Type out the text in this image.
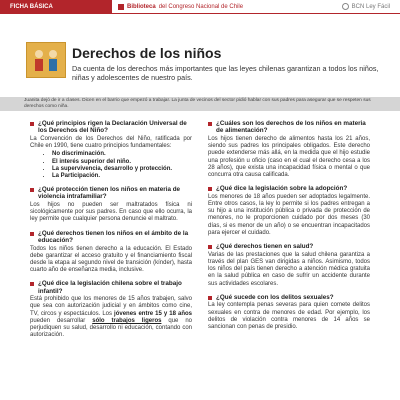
FICHA BÁSICA	Biblioteca del Congreso Nacional de Chile	BCN Ley Fácil
Derechos de los niños
Da cuenta de los derechos más importantes que las leyes chilenas garantizan a todos los niños, niñas y adolescentes de nuestro país.
Juanita dejó de ir a clases. Dicen en el barrio que empezó a trabajar. La junta de vecinos del sector pidió hablar con sus padres para asegurar que se respeten sus derechos como niña.
¿Qué principios rigen la Declaración Universal de los Derechos del Niño?
La Convención de los Derechos del Niño, ratificada por Chile en 1990, tiene cuatro principios fundamentales:
• No discriminación.
• El interés superior del niño.
• La supervivencia, desarrollo y protección.
• La Participación.
¿Qué protección tienen los niños en materia de violencia intrafamiliar?
Los hijos no pueden ser maltratados física ni sicológicamente por sus padres. En caso que ello ocurra, la ley permite que cualquier persona denuncie el maltrato.
¿Qué derechos tienen los niños en el ámbito de la educación?
Todos los niños tienen derecho a la educación. El Estado debe garantizar el acceso gratuito y el financiamiento fiscal desde la etapa al segundo nivel de transición (kínder), hasta cuarto año de enseñanza media, inclusive.
¿Qué dice la legislación chilena sobre el trabajo infantil?
Está prohibido que los menores de 15 años trabajen, salvo que sea con autorización judicial y en ámbitos como cine, TV, circos y espectáculos. Los jóvenes entre 15 y 18 años pueden desarrollar sólo trabajos ligeros que no perjudiquen su salud, desarrollo ni educación, contando con autorización.
¿Cuáles son los derechos de los niños en materia de alimentación?
Los hijos tienen derecho de alimentos hasta los 21 años, siendo sus padres los principales obligados. Este derecho puede extenderse más allá, en la medida que el hijo estudie una profesión u oficio (caso en el cual el derecho cesa a los 28 años), que exista una incapacidad física o mental o que concurra otra causa calificada.
¿Qué dice la legislación sobre la adopción?
Los menores de 18 años pueden ser adoptados legalmente. Entre otros casos, la ley lo permite si los padres entregan a su hijo a una institución pública o privada de protección de menores, no le proporcionen cuidado por dos meses (30 días, si es menor de un año) o se encuentran incapacitados para ejercer el cuidado.
¿Qué derechos tienen en salud?
Varias de las prestaciones que la salud chilena garantiza a través del plan GES van dirigidas a niños. Asimismo, todos los niños del país tienen derecho a atención médica gratuita en la salud pública en caso de sufrir un accidente durante sus actividades escolares.
¿Qué sucede con los delitos sexuales?
La ley contempla penas severas para quien comete delitos sexuales en contra de menores de edad. Por ejemplo, los delitos de violación contra menores de 14 años se sancionan con penas de presidio.
